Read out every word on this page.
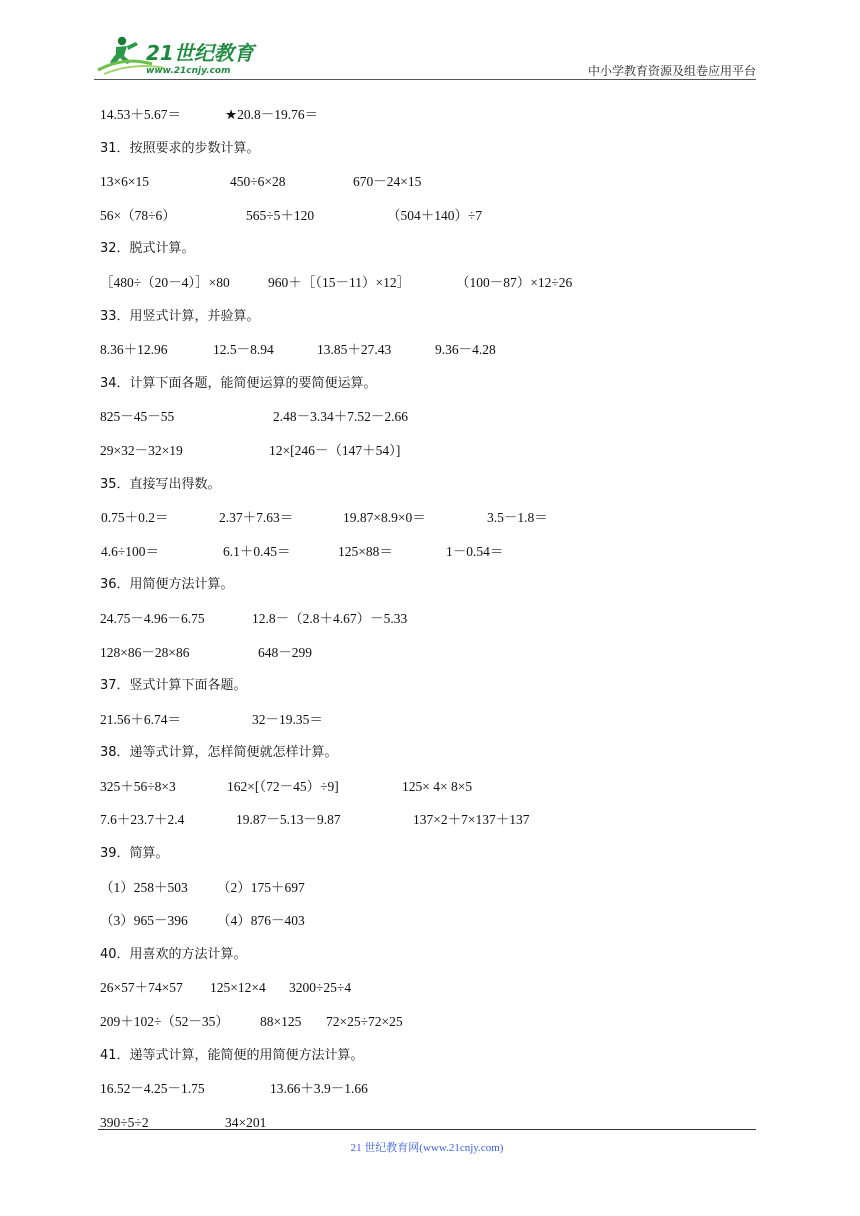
21世纪教育
www.21cnjy.com	中小学教育资源及组卷应用平台
14.53＋5.67＝	★20.8－19.76＝
31．按照要求的步数计算。
13×6×15	450÷6×28	670－24×15
56×（78÷6）	565÷5＋120	（504＋140）÷7
32．脱式计算。
［480÷（20－4）］×80	960＋［（15－11）×12］	（100－87）×12÷26
33．用竖式计算，并验算。
8.36＋12.96	12.5－8.94	13.85＋27.43	9.36－4.28
34．计算下面各题，能简便运算的要简便运算。
825－45－55	2.48－3.34＋7.52－2.66
29×32－32×19	12×[246－（147＋54）]
35．直接写出得数。
0.75＋0.2＝	2.37＋7.63＝	19.87×8.9×0＝	3.5－1.8＝
4.6÷100＝	6.1＋0.45＝	125×88＝	1－0.54＝
36．用简便方法计算。
24.75－4.96－6.75	12.8－（2.8＋4.67）－5.33
128×86－28×86	648－299
37．竖式计算下面各题。
21.56＋6.74＝	32－19.35＝
38．递等式计算，怎样简便就怎样计算。
325＋56÷8×3	162×[（72－45）÷9]	125× 4× 8×5
7.6＋23.7＋2.4	19.87－5.13－9.87	137×2＋7×137＋137
39．简算。
（1）258＋503 （2）175＋697
（3）965－396 （4）876－403
40．用喜欢的方法计算。
26×57＋74×57 125×12×4 3200÷25÷4
209＋102÷（52－35） 88×125 72×25÷72×25
41．递等式计算，能简便的用简便方法计算。
16.52－4.25－1.75	13.66＋3.9－1.66
390÷5÷2	34×201
21 世纪教育网(www.21cnjy.com)
